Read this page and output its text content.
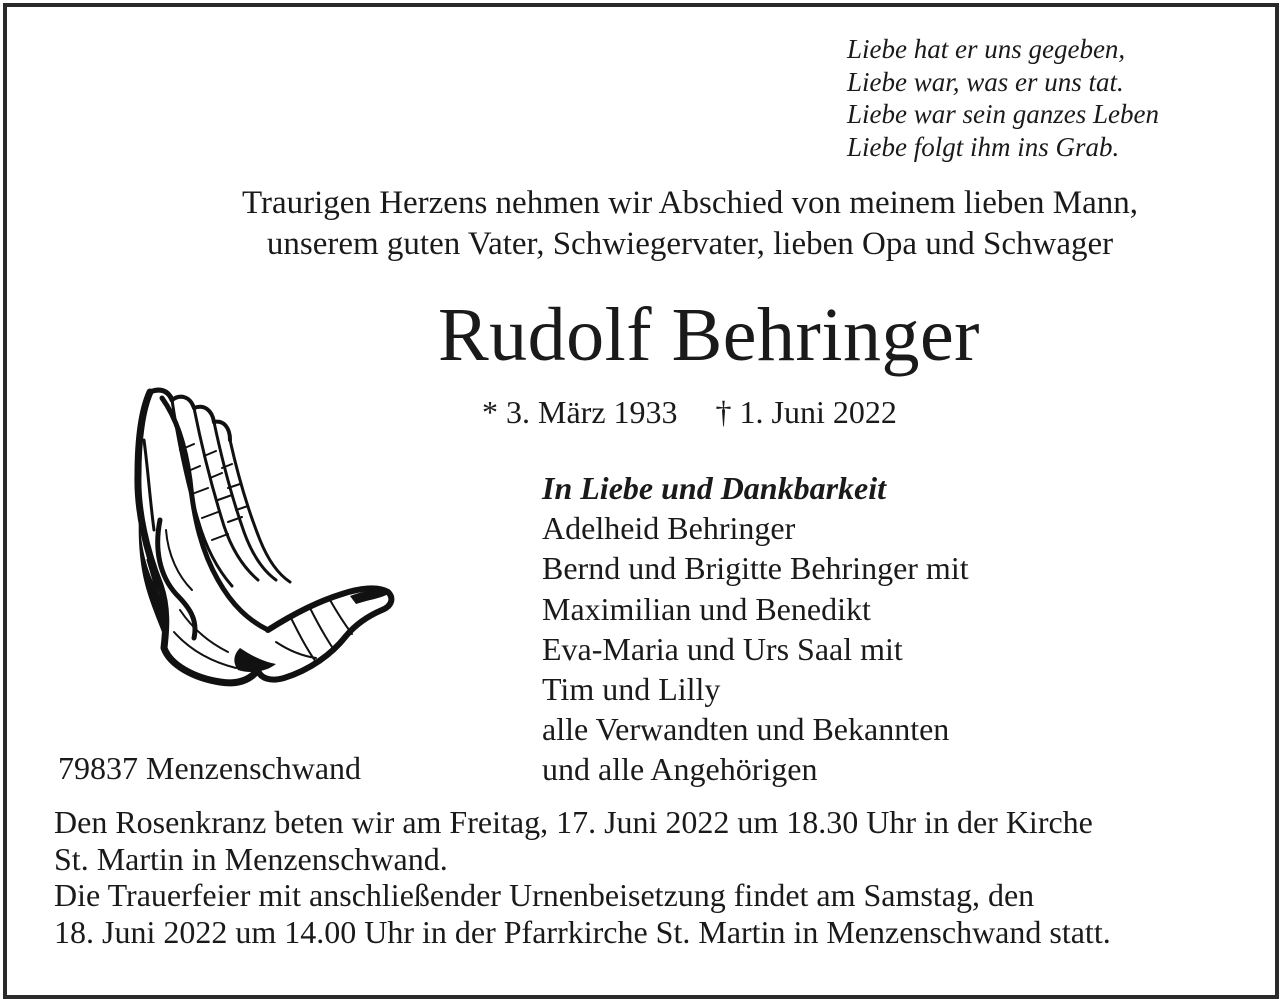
Liebe hat er uns gegeben,
Liebe war, was er uns tat.
Liebe war sein ganzes Leben
Liebe folgt ihm ins Grab.
Traurigen Herzens nehmen wir Abschied von meinem lieben Mann,
unserem guten Vater, Schwiegervater, lieben Opa und Schwager
Rudolf Behringer
* 3. März 1933 † 1. Juni 2022
In Liebe und Dankbarkeit
Adelheid Behringer
Bernd und Brigitte Behringer mit
Maximilian und Benedikt
Eva-Maria und Urs Saal mit
Tim und Lilly
alle Verwandten und Bekannten
und alle Angehörigen
79837 Menzenschwand
Den Rosenkranz beten wir am Freitag, 17. Juni 2022 um 18.30 Uhr in der Kirche
St. Martin in Menzenschwand.
Die Trauerfeier mit anschließender Urnenbeisetzung findet am Samstag, den
18. Juni 2022 um 14.00 Uhr in der Pfarrkirche St. Martin in Menzenschwand statt.
